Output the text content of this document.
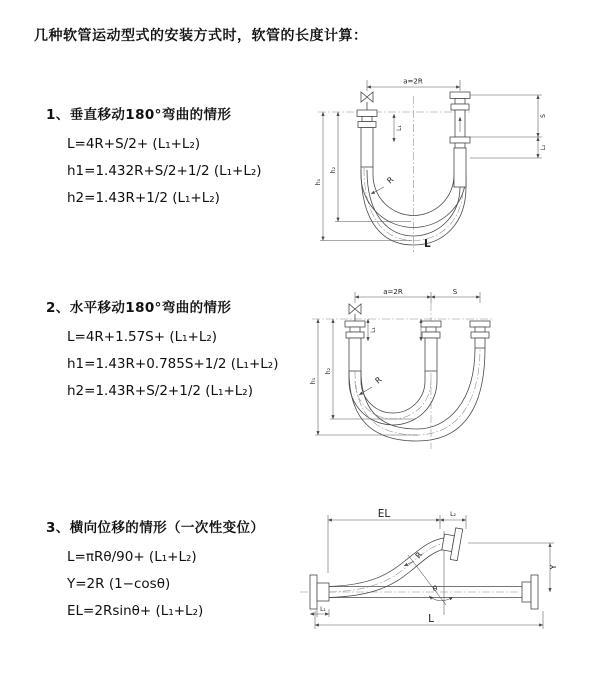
几种软管运动型式的安装方式时，软管的长度计算：
1、垂直移动180°弯曲的情形
L=4R+S/2+ (L₁+L₂)
h1=1.432R+S/2+1/2 (L₁+L₂)
h2=1.43R+1/2 (L₁+L₂)
a=2R
h₁
h₂
L₁
S
L₂
R
L
2、水平移动180°弯曲的情形
L=4R+1.57S+ (L₁+L₂)
h1=1.43R+0.785S+1/2 (L₁+L₂)
h2=1.43R+S/2+1/2 (L₁+L₂)
a=2R	S
h₁
h₂
L₁
R
3、横向位移的情形（一次性变位）
L=πRθ/90+ (L₁+L₂)
Y=2R (1−cosθ)
EL=2Rsinθ+ (L₁+L₂)
θ
R
EL	L₂
Y
L₁
L
